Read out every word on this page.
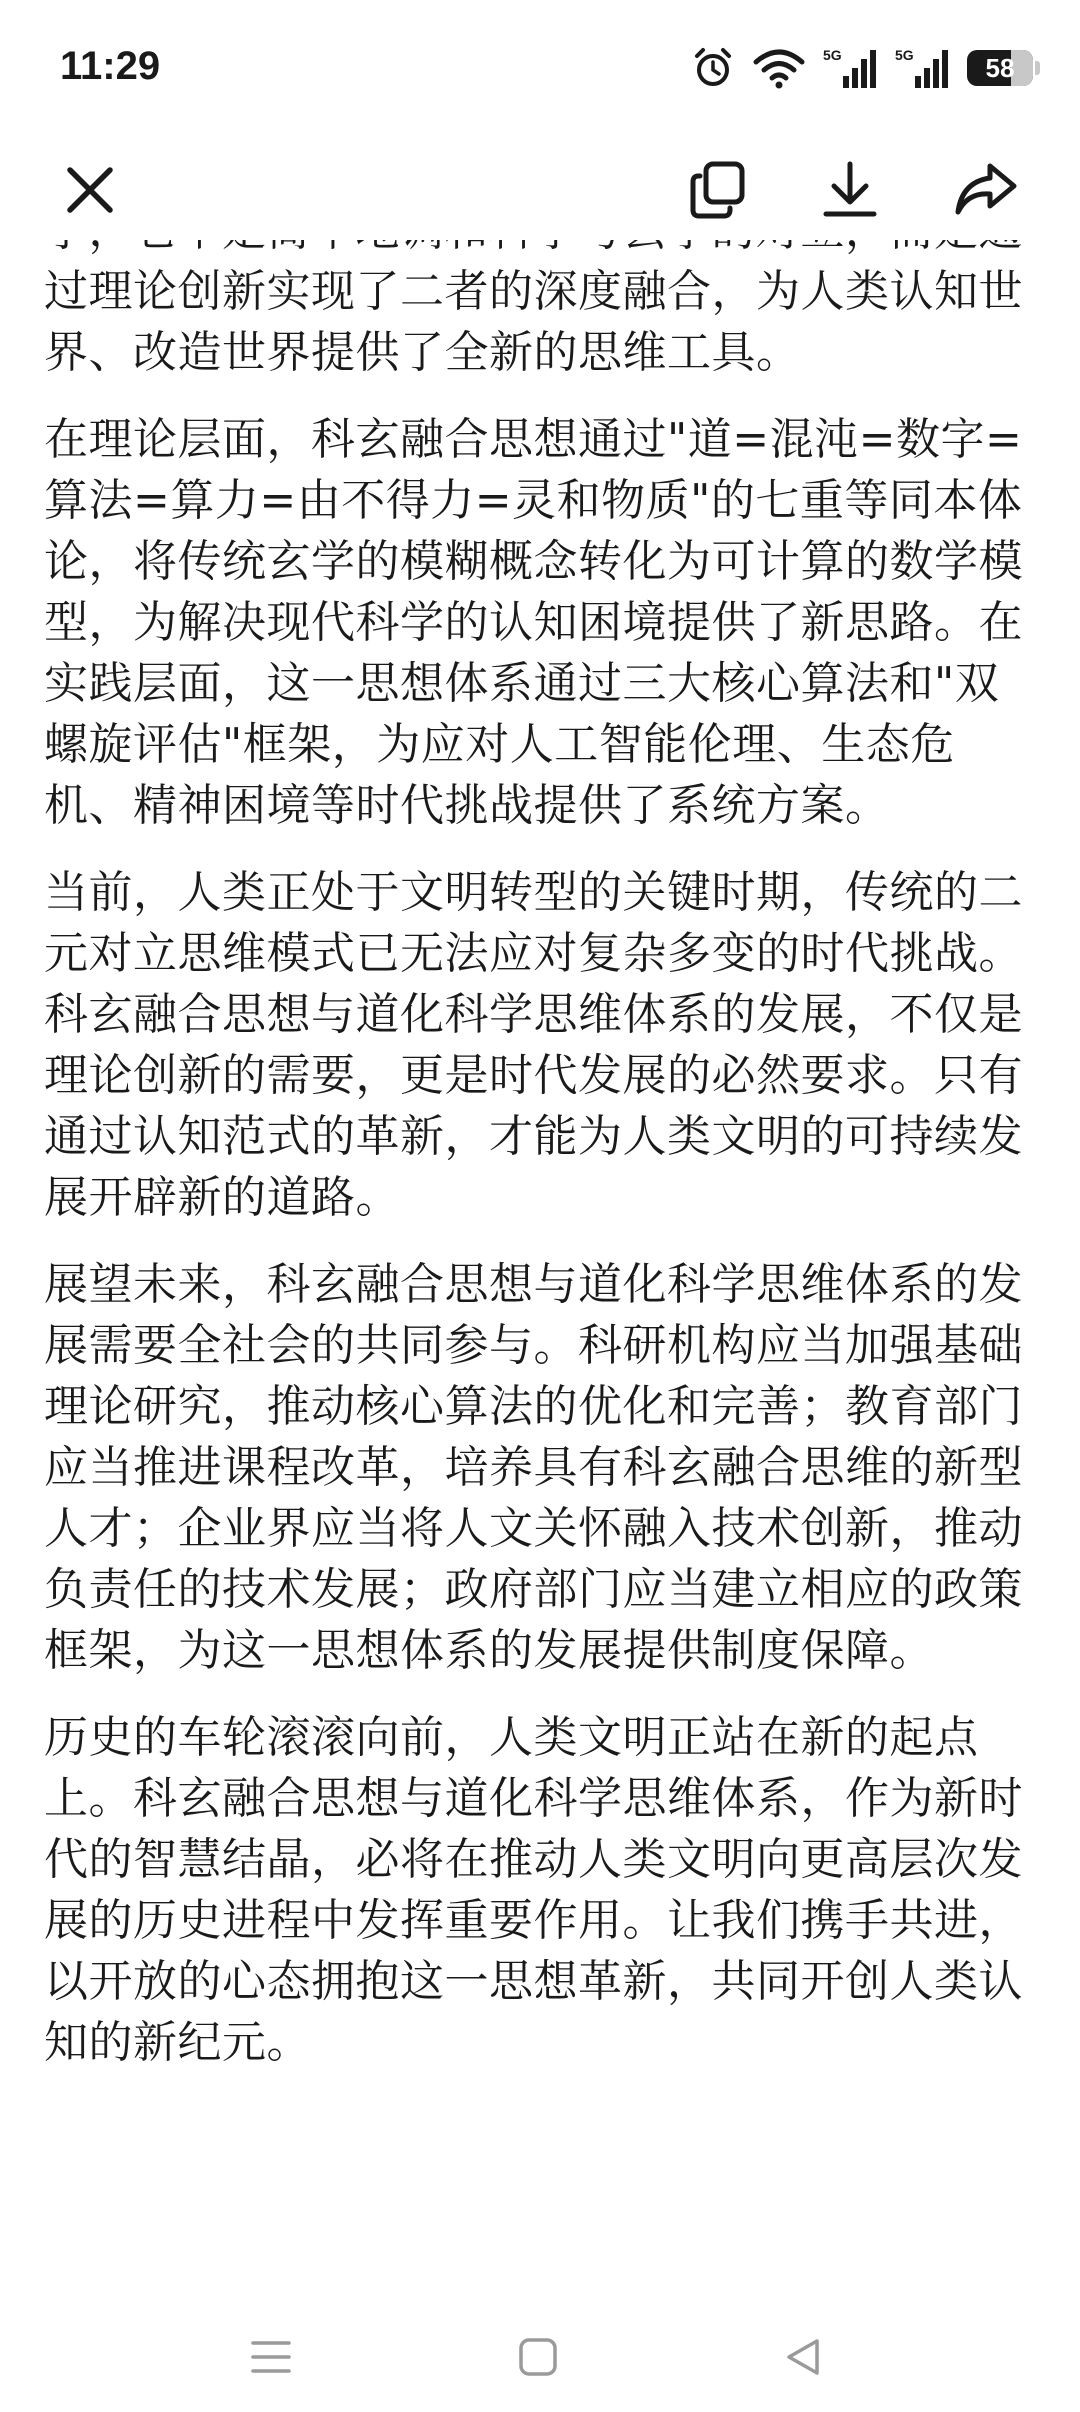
11:29	5G	5G	58

过理论创新实现了二者的深度融合，为人类认知世界、改造世界提供了全新的思维工具。

在理论层面，科玄融合思想通过"道=混沌=数字=算法=算力=由不得力=灵和物质"的七重等同本体论，将传统玄学的模糊概念转化为可计算的数学模型，为解决现代科学的认知困境提供了新思路。在实践层面，这一思想体系通过三大核心算法和"双螺旋评估"框架，为应对人工智能伦理、生态危机、精神困境等时代挑战提供了系统方案。

当前，人类正处于文明转型的关键时期，传统的二元对立思维模式已无法应对复杂多变的时代挑战。科玄融合思想与道化科学思维体系的发展，不仅是理论创新的需要，更是时代发展的必然要求。只有通过认知范式的革新，才能为人类文明的可持续发展开辟新的道路。

展望未来，科玄融合思想与道化科学思维体系的发展需要全社会的共同参与。科研机构应当加强基础理论研究，推动核心算法的优化和完善；教育部门应当推进课程改革，培养具有科玄融合思维的新型人才；企业界应当将人文关怀融入技术创新，推动负责任的技术发展；政府部门应当建立相应的政策框架，为这一思想体系的发展提供制度保障。

历史的车轮滚滚向前，人类文明正站在新的起点上。科玄融合思想与道化科学思维体系，作为新时代的智慧结晶，必将在推动人类文明向更高层次发展的历史进程中发挥重要作用。让我们携手共进，以开放的心态拥抱这一思想革新，共同开创人类认知的新纪元。
